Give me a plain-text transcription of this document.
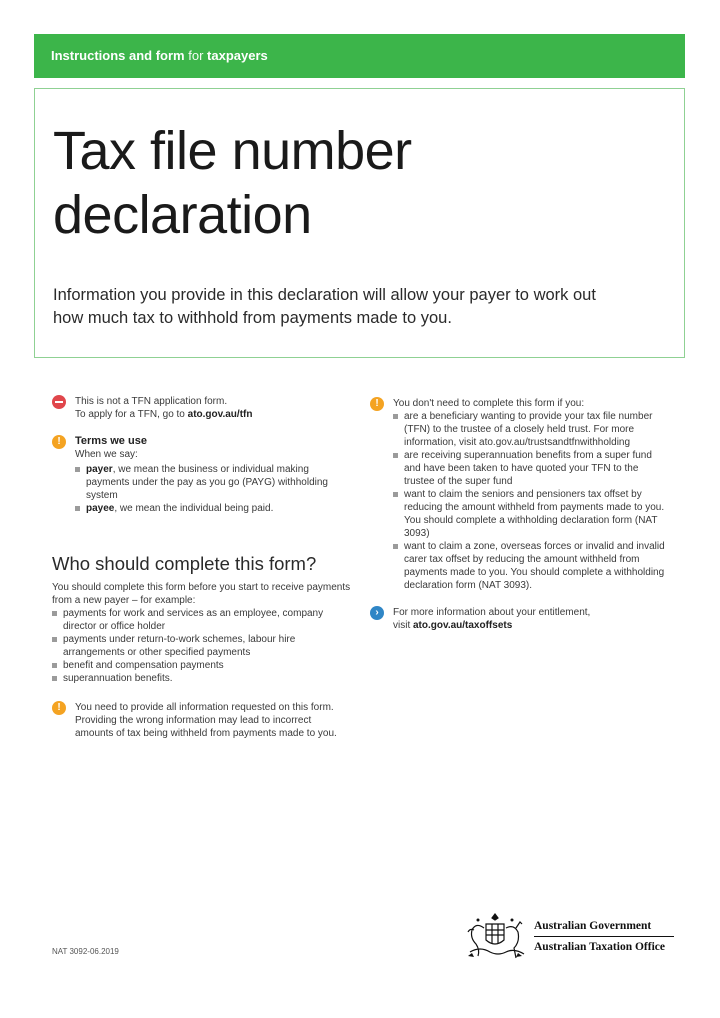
Instructions and form for taxpayers
Tax file number
declaration

Information you provide in this declaration will allow your payer to work out how much tax to withhold from payments made to you.

This is not a TFN application form.

To apply for a TFN, go to ato.gov.au/tfn

!	Terms we use

When we say:

payer, we mean the business or individual making payments under the pay as you go (PAYG) withholding system
payee, we mean the individual being paid.
Who should complete this form?

You should complete this form before you start to receive payments from a new payer – for example:

payments for work and services as an employee, company director or office holder
payments under return-to-work schemes, labour hire arrangements or other specified payments
benefit and compensation payments
superannuation benefits.
!	You need to provide all information requested on this form. Providing the wrong information may lead to incorrect amounts of tax being withheld from payments made to you.

!	You don't need to complete this form if you:

are a beneficiary wanting to provide your tax file number (TFN) to the trustee of a closely held trust. For more information, visit ato.gov.au/trustsandtfnwithholding
are receiving superannuation benefits from a super fund and have been taken to have quoted your TFN to the trustee of the super fund
want to claim the seniors and pensioners tax offset by reducing the amount withheld from payments made to you. You should complete a withholding declaration form (NAT 3093)
want to claim a zone, overseas forces or invalid and invalid carer tax offset by reducing the amount withheld from payments made to you. You should complete a withholding declaration form (NAT 3093).
›	For more information about your entitlement,

visit ato.gov.au/taxoffsets

NAT 3092-06.2019
Australian Government
Australian Taxation Office
